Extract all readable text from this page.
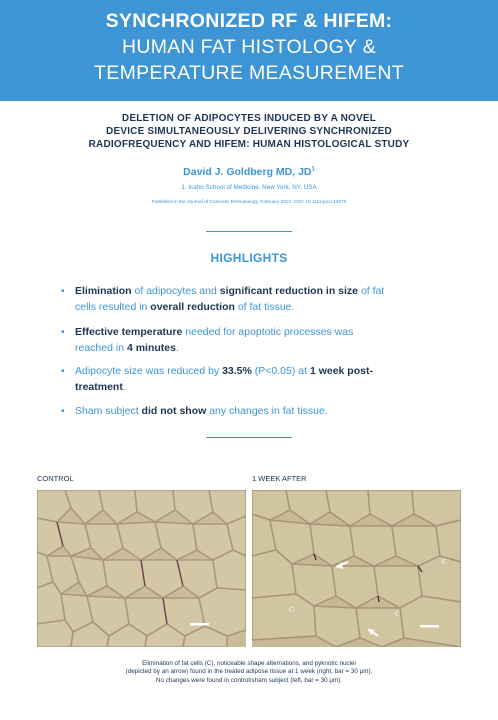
SYNCHRONIZED RF & HIFEM:
HUMAN FAT HISTOLOGY &
TEMPERATURE MEASUREMENT
DELETION OF ADIPOCYTES INDUCED BY A NOVEL
DEVICE SIMULTANEOUSLY DELIVERING SYNCHRONIZED
RADIOFREQUENCY AND HIFEM: HUMAN HISTOLOGICAL STUDY
David J. Goldberg MD, $JD^1$
1. Icahn School of Medicine, New York, NY, USA
Published in the Journal of Cosmetic Dermatology, February 2021. DOI: 10.1111/jocd.13970
HIGHLIGHTS
• Elimination of adipocytes and significant reduction in size of fat
cells resulted in overall reduction of fat tissue.
• Effective temperature needed for apoptotic processes was
reached in 4 minutes.
• Adipocyte size was reduced by 33.5% (P<0.05) at 1 week post-
treatment.
• Sham subject did not show any changes in fat tissue.
CONTROL	1 WEEK AFTER
C
C	C
Elimination of fat cells (C), noticeable shape alternations, and pyknotic nuclei
(depicted by an arrow) found in the treated adipose tissue at 1 week (right, bar = 30 µm).
No changes were found in control/sham subject (left, bar = 30 µm).
